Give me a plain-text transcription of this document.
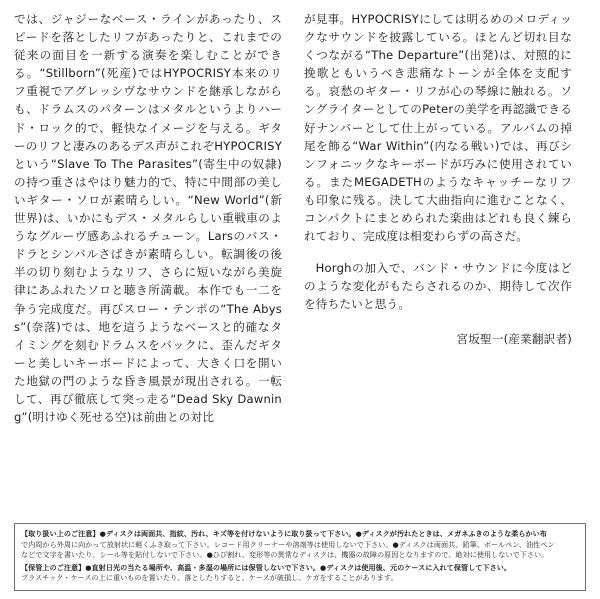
では、ジャジーなベース・ラインがあったり、スピードを落としたリフがあったりと、これまでの従来の面目を一新する演奏を楽しむことができる。“Stillborn”(死産)ではHYPOCRISY本来のリフ重視でアグレッシヴなサウンドを継承しながらも、ドラムスのパターンはメタルというよりハード・ロック的で、軽快なイメージを与える。ギターのリフと凄みのあるデス声がこれぞHYPOCRISYという“Slave To The Parasites”(寄生中の奴隷)の持つ重さはやはり魅力的で、特に中間部の美しいギター・ソロが素晴らしい。“New World”(新世界)は、いかにもデス・メタルらしい重戦車のようなグルーヴ感あふれるチューン。Larsのバス・ドラとシンバルさばきが素晴らしい。転調後の後半の切り刻むようなリフ、さらに短いながら美旋律にあふれたソロと聴き所満載。本作でも一二を争う完成度だ。再びスロー・テンポの“The Abyss”(奈落)では、地を這うようなベースと的確なタイミングを刻むドラムスをバックに、歪んだギターと美しいキーボードによって、大きく口を開いた地獄の門のような昏き風景が現出される。一転して、再び徹底して突っ走る“Dead Sky Dawning”(明けゆく死せる空)は前曲との対比

が見事。HYPOCRISYにしては明るめのメロディックなサウンドを披露している。ほとんど切れ目なくつながる“The Departure”(出発)は、対照的に挽歌ともいうべき悲痛なトーンが全体を支配する。哀愁のギター・リフが心の琴線に触れる。ソングライターとしてのPeterの美学を再認識できる好ナンバーとして仕上がっている。アルバムの掉尾を飾る“War Within”(内なる戦い)では、再びシンフォニックなキーボードが巧みに使用されている。またMEGADETHのようなキャッチーなリフも印象に残る。決して大曲指向に進むことなく、コンパクトにまとめられた楽曲はどれも良く練られており、完成度は相変わらずの高さだ。

Horghの加入で、バンド・サウンドに今度はどのような変化がもたらされるのか、期待して次作を待ちたいと思う。

宮坂聖一(産業翻訳者)
【取り扱い上のご注意】●ディスクは両面共、指紋、汚れ、キズ等を付けないように取り扱って下さい。●ディスクが汚れたときは、メガネふきのような柔らかい布
で内周から外周に向かって放射状に軽くふき取って下さい。レコード用クリーナーや溶剤等は使用しないで下さい。●ディスクは両面共、鉛筆、ボールペン、油性ペン
などで文字を書いたり、シール等を貼付しないで下さい。●ひび割れ、変形等の異常なディスクは、機器の故障の原因となりますので、絶対に使用しないで下さい。
【保管上のご注意】●直射日光の当たる場所や、高温・多湿の場所には保管しないで下さい。●ディスクは使用後、元のケースに入れて保管して下さい。
プラスチック・ケースの上に重いものを置いたり、落としたりすると、ケースが破損し、ケガをすることがあります。
